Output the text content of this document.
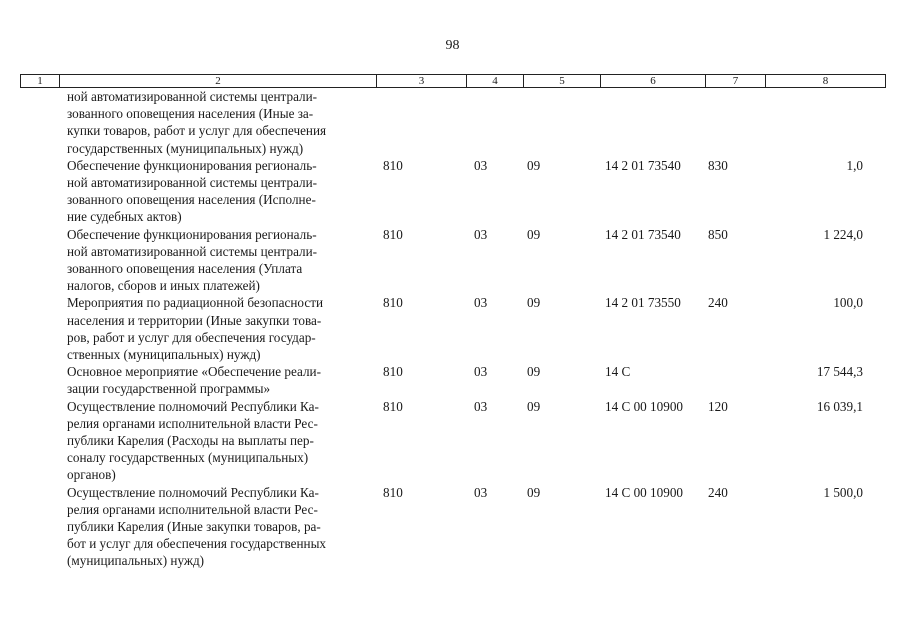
98
1	2	3	4	5	6	7	8
ной автоматизированной системы централи-
зованного оповещения населения (Иные за-
купки товаров, работ и услуг для обеспечения
государственных (муниципальных) нужд)
Обеспечение функционирования региональ-
ной автоматизированной системы централи-
зованного оповещения населения (Исполне-
ние судебных актов)
810	03	09	14 2 01 73540 830	1,0
Обеспечение функционирования региональ-
ной автоматизированной системы централи-
зованного оповещения населения (Уплата
налогов, сборов и иных платежей)
810	03	09	14 2 01 73540 850	1 224,0
Мероприятия по радиационной безопасности
населения и территории (Иные закупки това-
ров, работ и услуг для обеспечения государ-
ственных (муниципальных) нужд)
810	03	09	14 2 01 73550 240	100,0
Основное мероприятие «Обеспечение реали-
зации государственной программы»
810	03	09	14 С	17 544,3
Осуществление полномочий Республики Ка-
релия органами исполнительной власти Рес-
публики Карелия (Расходы на выплаты пер-
соналу государственных (муниципальных)
органов)
810	03	09	14 С 00 10900 120	16 039,1
Осуществление полномочий Республики Ка-
релия органами исполнительной власти Рес-
публики Карелия (Иные закупки товаров, ра-
бот и услуг для обеспечения государственных
(муниципальных) нужд)
810	03	09	14 С 00 10900 240	1 500,0
